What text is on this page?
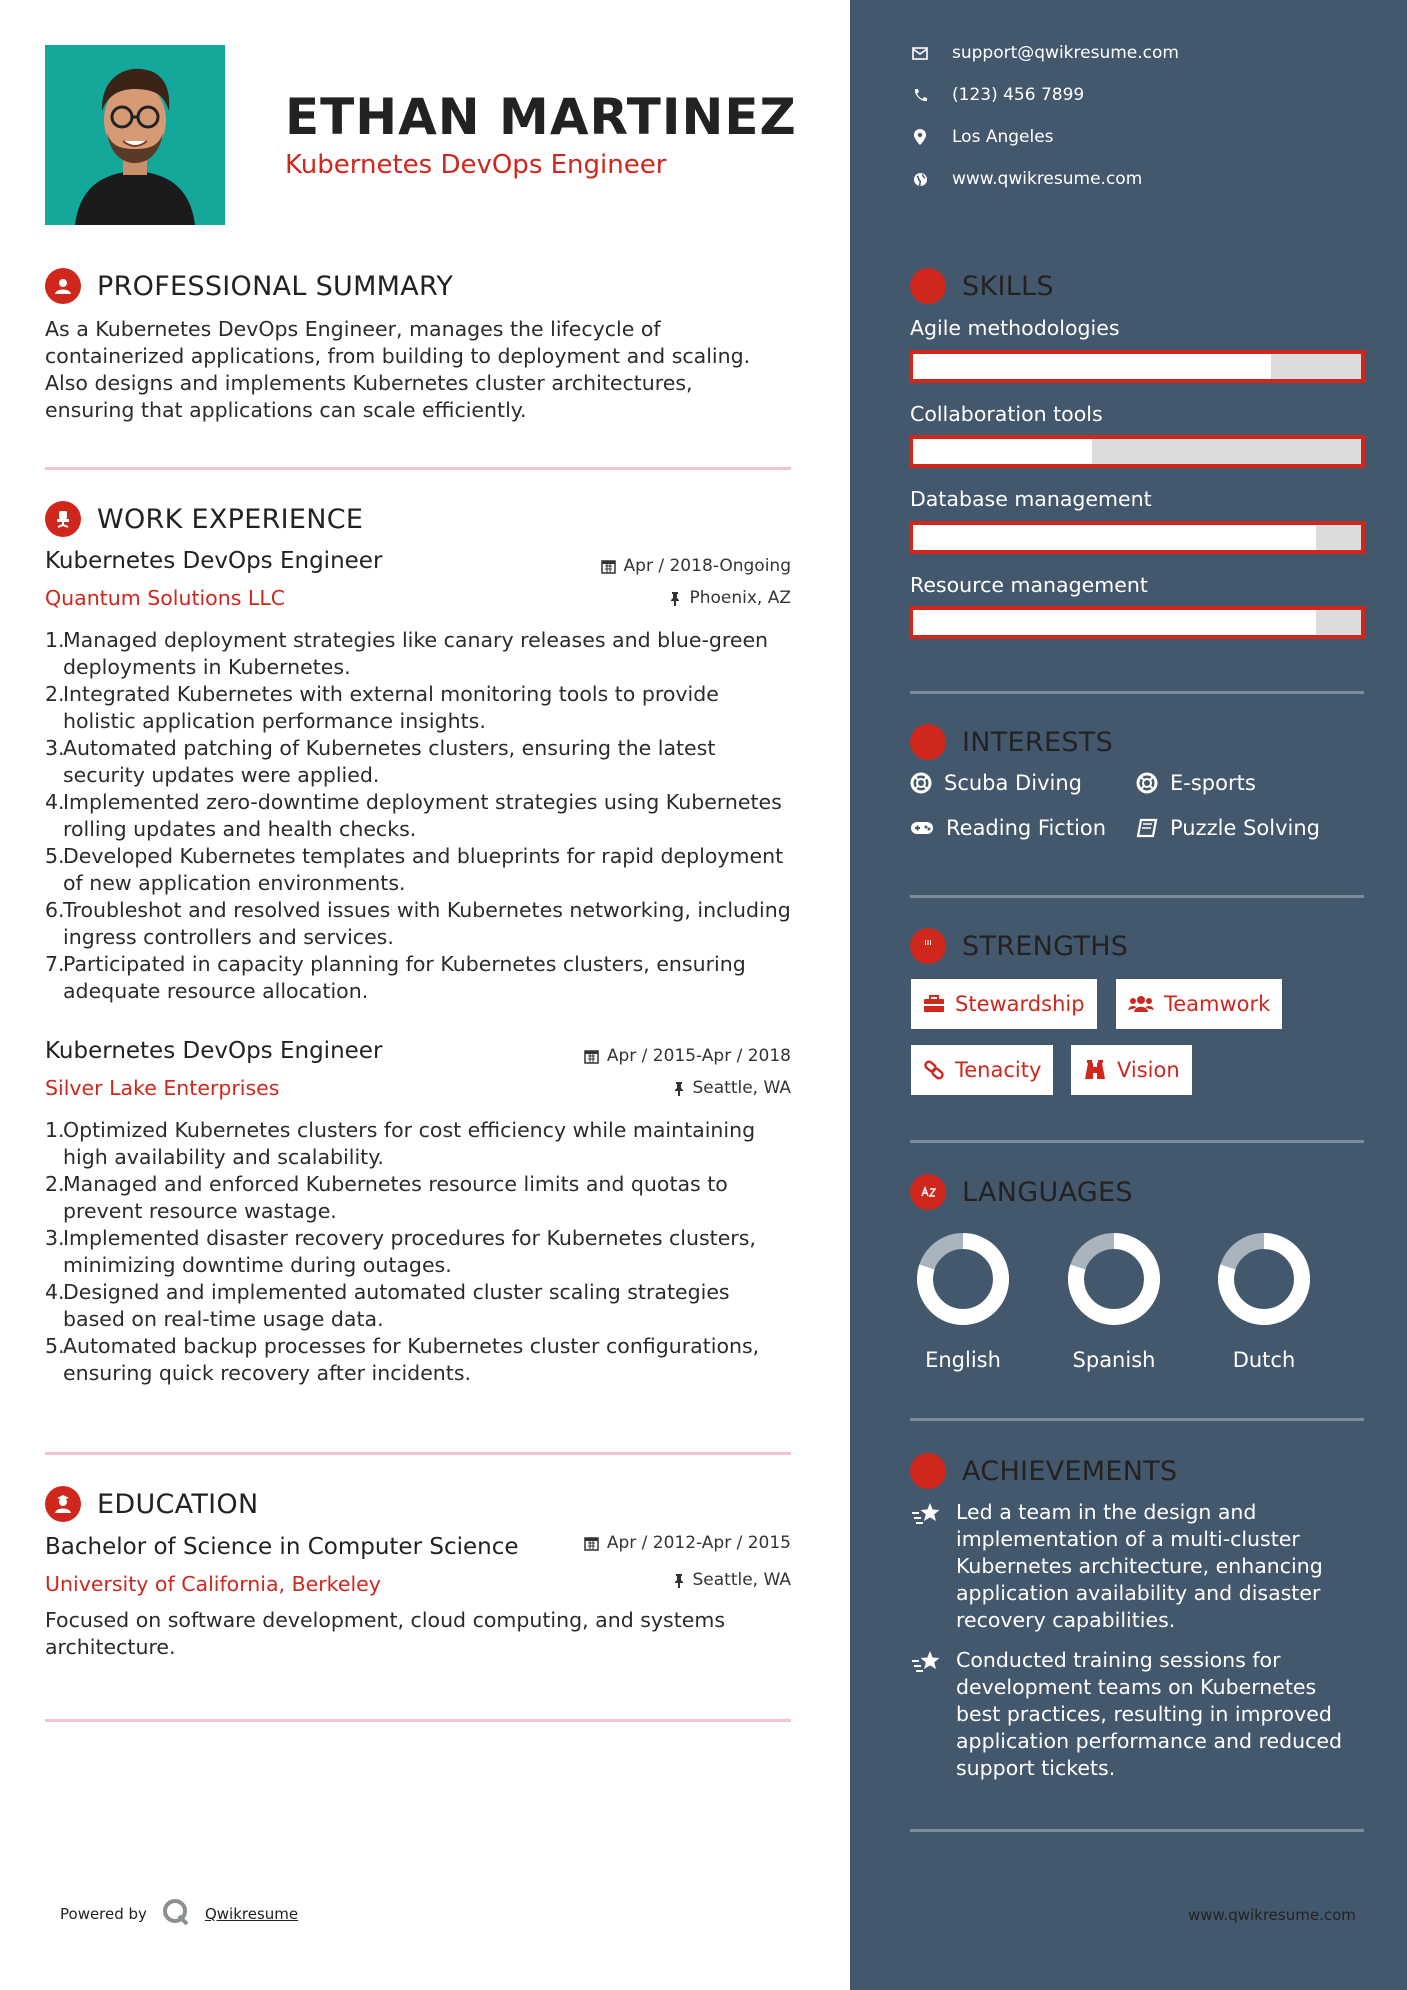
ETHAN MARTINEZ
Kubernetes DevOps Engineer
support@qwikresume.com
(123) 456 7899
Los Angeles
www.qwikresume.com
PROFESSIONAL SUMMARY
As a Kubernetes DevOps Engineer, manages the lifecycle of containerized applications, from building to deployment and scaling. Also designs and implements Kubernetes cluster architectures, ensuring that applications can scale efficiently.
WORK EXPERIENCE
Kubernetes DevOps Engineer
Quantum Solutions LLC
Apr / 2018-Ongoing
Phoenix, AZ
Managed deployment strategies like canary releases and blue-green deployments in Kubernetes.
Integrated Kubernetes with external monitoring tools to provide holistic application performance insights.
Automated patching of Kubernetes clusters, ensuring the latest security updates were applied.
Implemented zero-downtime deployment strategies using Kubernetes rolling updates and health checks.
Developed Kubernetes templates and blueprints for rapid deployment of new application environments.
Troubleshot and resolved issues with Kubernetes networking, including ingress controllers and services.
Participated in capacity planning for Kubernetes clusters, ensuring adequate resource allocation.
Kubernetes DevOps Engineer
Silver Lake Enterprises
Apr / 2015-Apr / 2018
Seattle, WA
Optimized Kubernetes clusters for cost efficiency while maintaining high availability and scalability.
Managed and enforced Kubernetes resource limits and quotas to prevent resource wastage.
Implemented disaster recovery procedures for Kubernetes clusters, minimizing downtime during outages.
Designed and implemented automated cluster scaling strategies based on real-time usage data.
Automated backup processes for Kubernetes cluster configurations, ensuring quick recovery after incidents.
EDUCATION
Bachelor of Science in Computer Science
University of California, Berkeley
Apr / 2012-Apr / 2015
Seattle, WA
Focused on software development, cloud computing, and systems architecture.
SKILLS
Agile methodologies
Collaboration tools
Database management
Resource management
INTERESTS
Scuba Diving	E-sports
Reading Fiction	Puzzle Solving
STRENGTHS
Stewardship	Teamwork
Tenacity	Vision
LANGUAGES
English	Spanish	Dutch
ACHIEVEMENTS
Led a team in the design and implementation of a multi-cluster Kubernetes architecture, enhancing application availability and disaster recovery capabilities.
Conducted training sessions for development teams on Kubernetes best practices, resulting in improved application performance and reduced support tickets.
Powered by	Qwikresume	www.qwikresume.com
